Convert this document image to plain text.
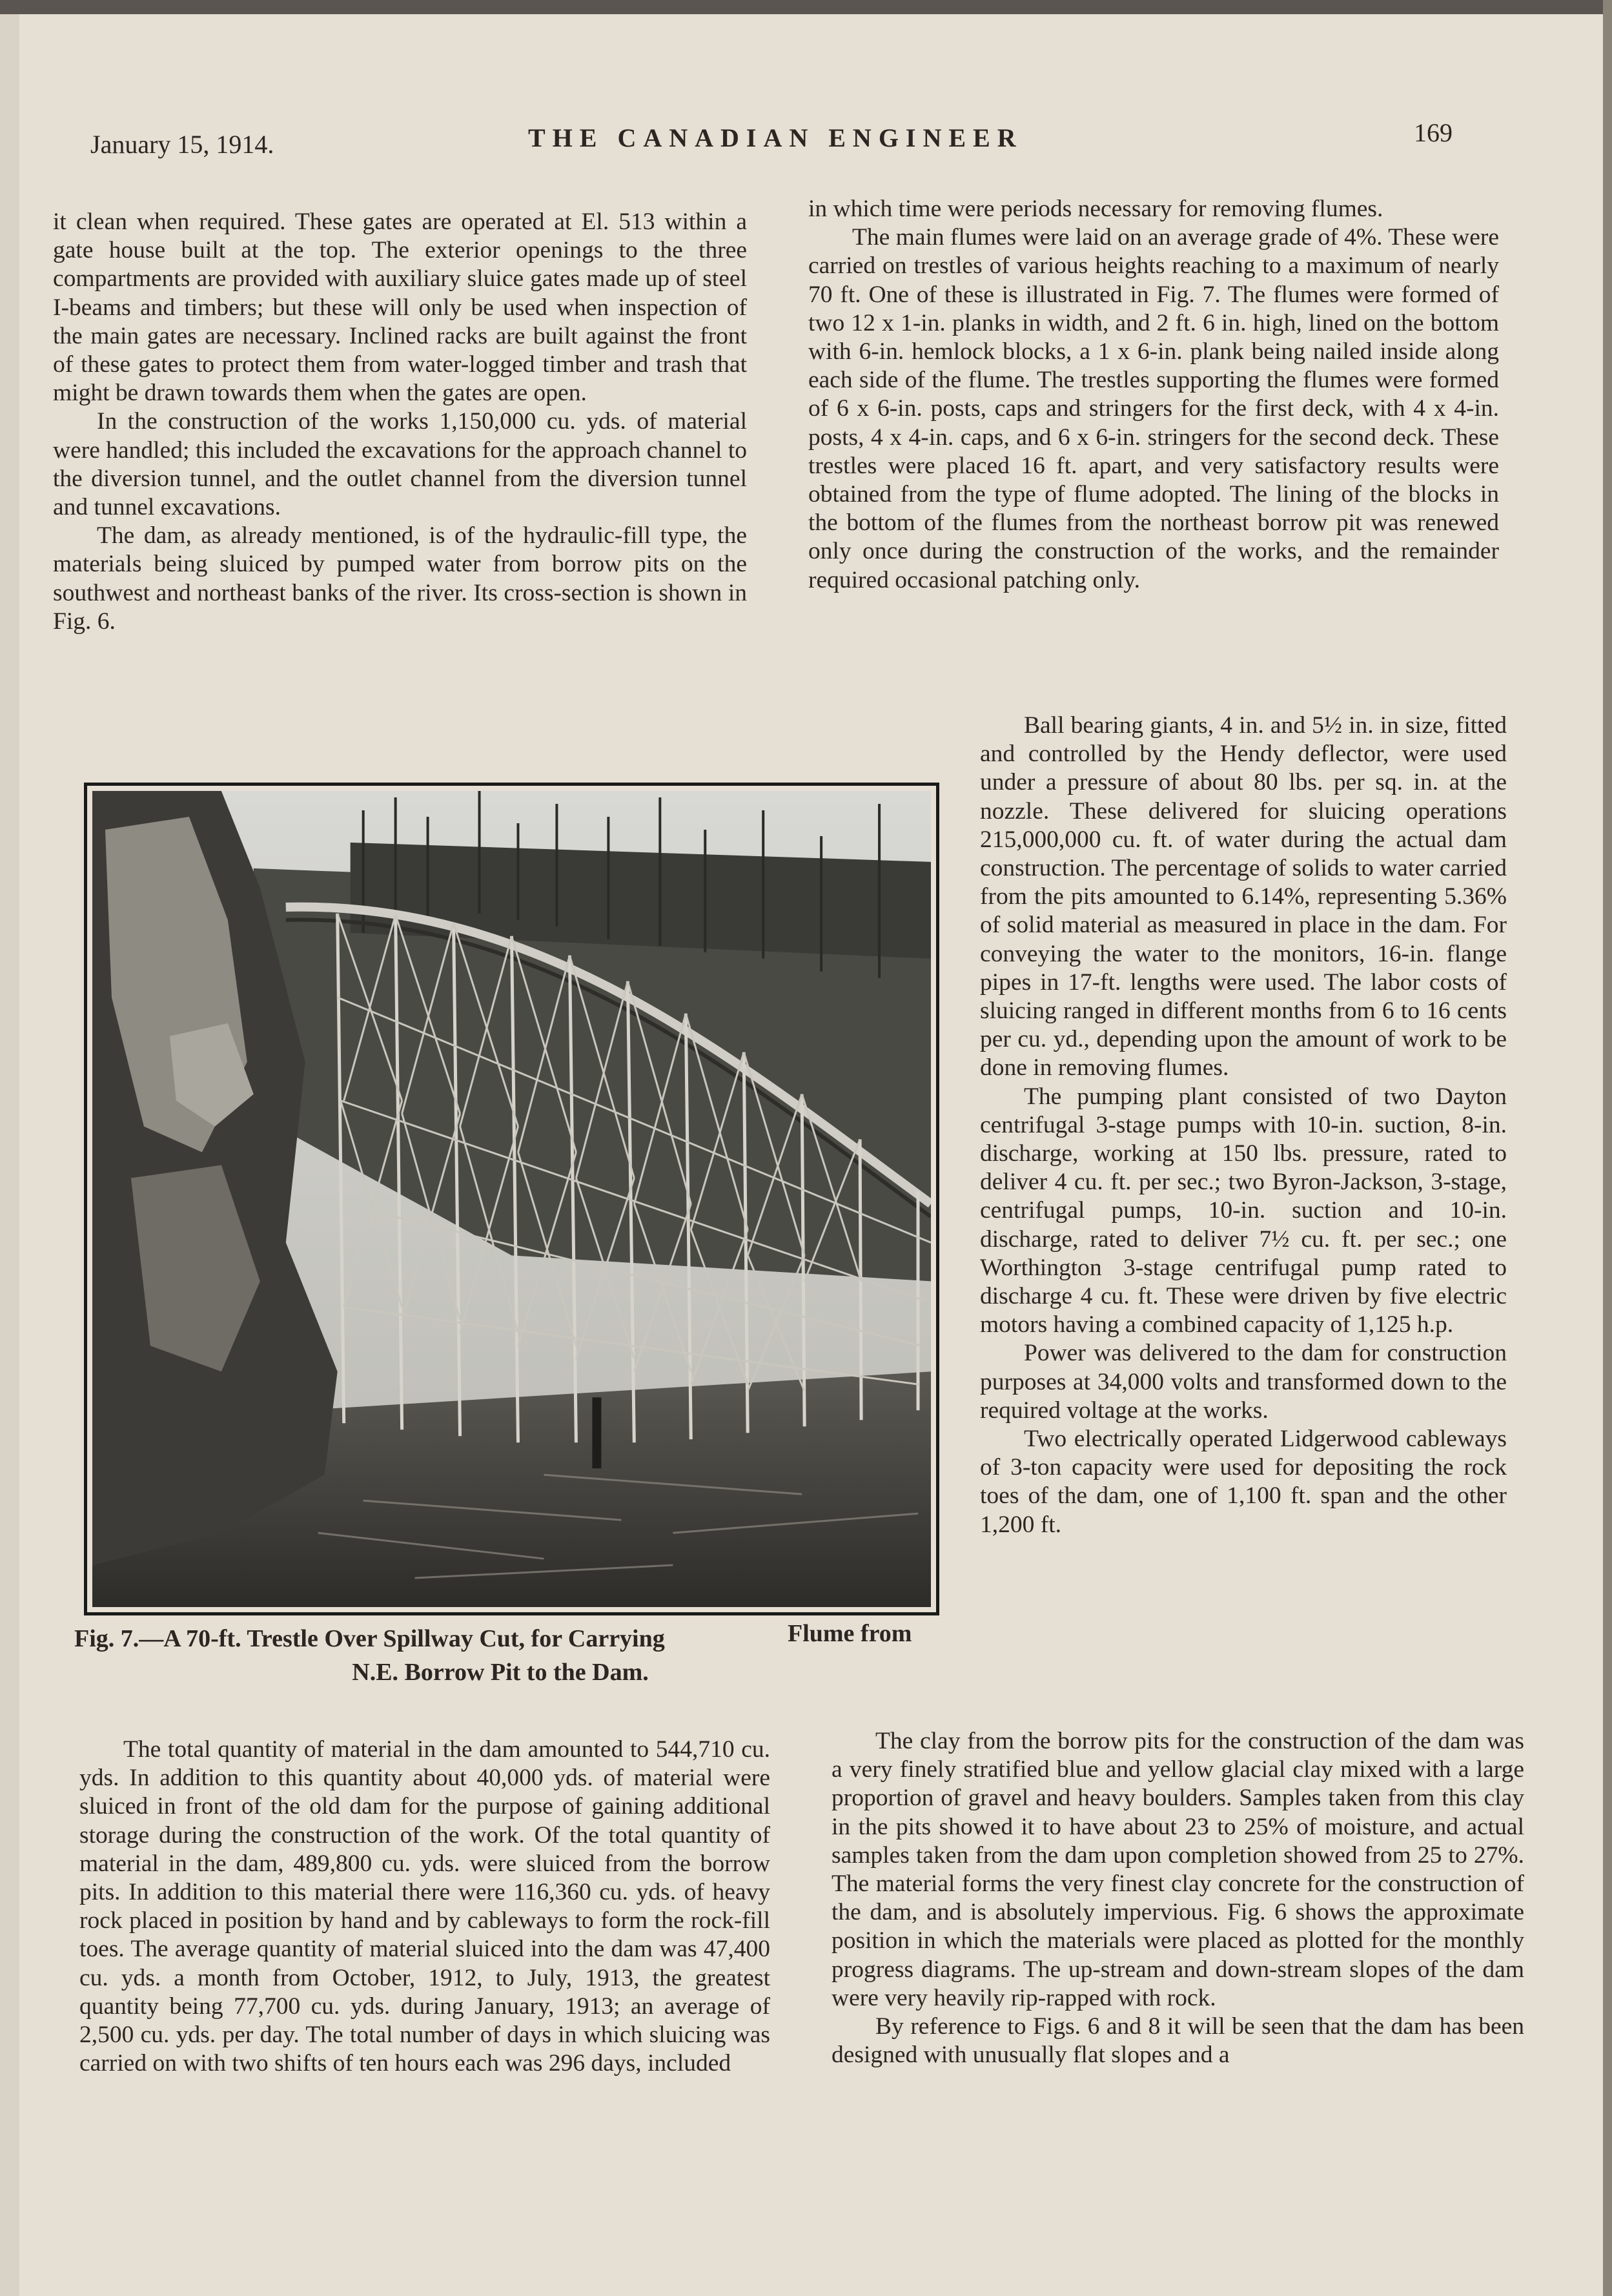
January 15, 1914.	THE CANADIAN ENGINEER	169

it clean when required. These gates are operated at El. 513 within a gate house built at the top. The exterior openings to the three compartments are provided with auxiliary sluice gates made up of steel I-beams and timbers; but these will only be used when inspection of the main gates are necessary. Inclined racks are built against the front of these gates to protect them from water-logged timber and trash that might be drawn towards them when the gates are open.

In the construction of the works 1,150,000 cu. yds. of material were handled; this included the excavations for the approach channel to the diversion tunnel, and the outlet channel from the diversion tunnel and tunnel excavations.

The dam, as already mentioned, is of the hydraulic-fill type, the materials being sluiced by pumped water from borrow pits on the southwest and northeast banks of the river. Its cross-section is shown in Fig. 6.

in which time were periods necessary for removing flumes.

The main flumes were laid on an average grade of 4%. These were carried on trestles of various heights reaching to a maximum of nearly 70 ft. One of these is illustrated in Fig. 7. The flumes were formed of two 12 x 1-in. planks in width, and 2 ft. 6 in. high, lined on the bottom with 6-in. hemlock blocks, a 1 x 6-in. plank being nailed inside along each side of the flume. The trestles supporting the flumes were formed of 6 x 6-in. posts, caps and stringers for the first deck, with 4 x 4-in. posts, 4 x 4-in. caps, and 6 x 6-in. stringers for the second deck. These trestles were placed 16 ft. apart, and very satisfactory results were obtained from the type of flume adopted. The lining of the blocks in the bottom of the flumes from the northeast borrow pit was renewed only once during the construction of the works, and the remainder required occasional patching only.

Ball bearing giants, 4 in. and 5½ in. in size, fitted and controlled by the Hendy deflector, were used under a pressure of about 80 lbs. per sq. in. at the nozzle. These delivered for sluicing operations 215,000,000 cu. ft. of water during the actual dam construction. The percentage of solids to water carried from the pits amounted to 6.14%, representing 5.36% of solid material as measured in place in the dam. For conveying the water to the monitors, 16-in. flange pipes in 17-ft. lengths were used. The labor costs of sluicing ranged in different months from 6 to 16 cents per cu. yd., depending upon the amount of work to be done in removing flumes.

The pumping plant consisted of two Dayton centrifugal 3-stage pumps with 10-in. suction, 8-in. discharge, working at 150 lbs. pressure, rated to deliver 4 cu. ft. per sec.; two Byron-Jackson, 3-stage, centrifugal pumps, 10-in. suction and 10-in. discharge, rated to deliver 7½ cu. ft. per sec.; one Worthington 3-stage centrifugal pump rated to discharge 4 cu. ft. These were driven by five electric motors having a combined capacity of 1,125 h.p.

Power was delivered to the dam for construction purposes at 34,000 volts and transformed down to the required voltage at the works.

Two electrically operated Lidgerwood cableways of 3-ton capacity were used for depositing the rock toes of the dam, one of 1,100 ft. span and the other 1,200 ft.

Fig. 7.—A 70-ft. Trestle Over Spillway Cut, for Carrying
N.E. Borrow Pit to the Dam.
Flume from

The total quantity of material in the dam amounted to 544,710 cu. yds. In addition to this quantity about 40,000 yds. of material were sluiced in front of the old dam for the purpose of gaining additional storage during the construction of the work. Of the total quantity of material in the dam, 489,800 cu. yds. were sluiced from the borrow pits. In addition to this material there were 116,360 cu. yds. of heavy rock placed in position by hand and by cableways to form the rock-fill toes. The average quantity of material sluiced into the dam was 47,400 cu. yds. a month from October, 1912, to July, 1913, the greatest quantity being 77,700 cu. yds. during January, 1913; an average of 2,500 cu. yds. per day. The total number of days in which sluicing was carried on with two shifts of ten hours each was 296 days, included

The clay from the borrow pits for the construction of the dam was a very finely stratified blue and yellow glacial clay mixed with a large proportion of gravel and heavy boulders. Samples taken from this clay in the pits showed it to have about 23 to 25% of moisture, and actual samples taken from the dam upon completion showed from 25 to 27%. The material forms the very finest clay concrete for the construction of the dam, and is absolutely impervious. Fig. 6 shows the approximate position in which the materials were placed as plotted for the monthly progress diagrams. The up-stream and down-stream slopes of the dam were very heavily rip-rapped with rock.

By reference to Figs. 6 and 8 it will be seen that the dam has been designed with unusually flat slopes and a
